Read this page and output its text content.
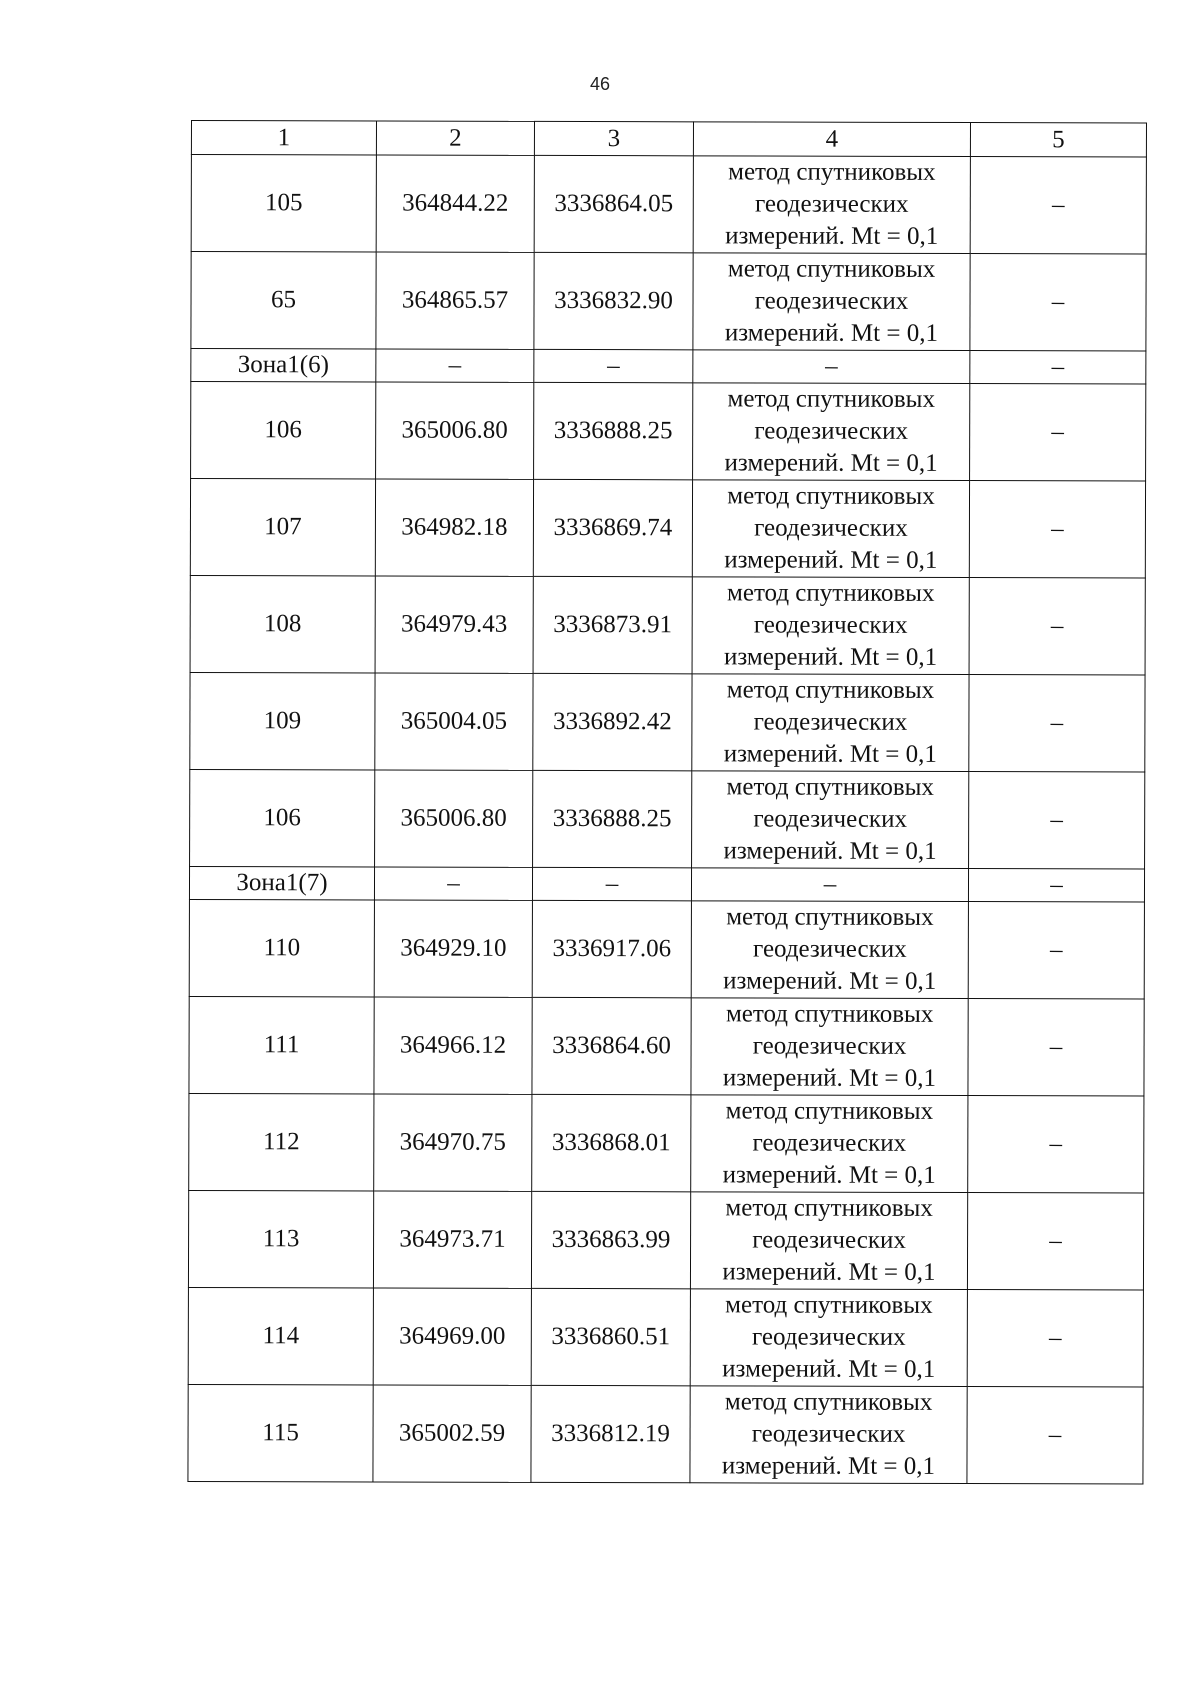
46
1	2	3	4	5
105	364844.22	3336864.05	метод спутниковых
геодезических
измерений. Mt = 0,1	–
65	364865.57	3336832.90	метод спутниковых
геодезических
измерений. Mt = 0,1	–
Зона1(6)	–	–	–	–
106	365006.80	3336888.25	метод спутниковых
геодезических
измерений. Mt = 0,1	–
107	364982.18	3336869.74	метод спутниковых
геодезических
измерений. Mt = 0,1	–
108	364979.43	3336873.91	метод спутниковых
геодезических
измерений. Mt = 0,1	–
109	365004.05	3336892.42	метод спутниковых
геодезических
измерений. Mt = 0,1	–
106	365006.80	3336888.25	метод спутниковых
геодезических
измерений. Mt = 0,1	–
Зона1(7)	–	–	–	–
110	364929.10	3336917.06	метод спутниковых
геодезических
измерений. Mt = 0,1	–
111	364966.12	3336864.60	метод спутниковых
геодезических
измерений. Mt = 0,1	–
112	364970.75	3336868.01	метод спутниковых
геодезических
измерений. Mt = 0,1	–
113	364973.71	3336863.99	метод спутниковых
геодезических
измерений. Mt = 0,1	–
114	364969.00	3336860.51	метод спутниковых
геодезических
измерений. Mt = 0,1	–
115	365002.59	3336812.19	метод спутниковых
геодезических
измерений. Mt = 0,1	–
